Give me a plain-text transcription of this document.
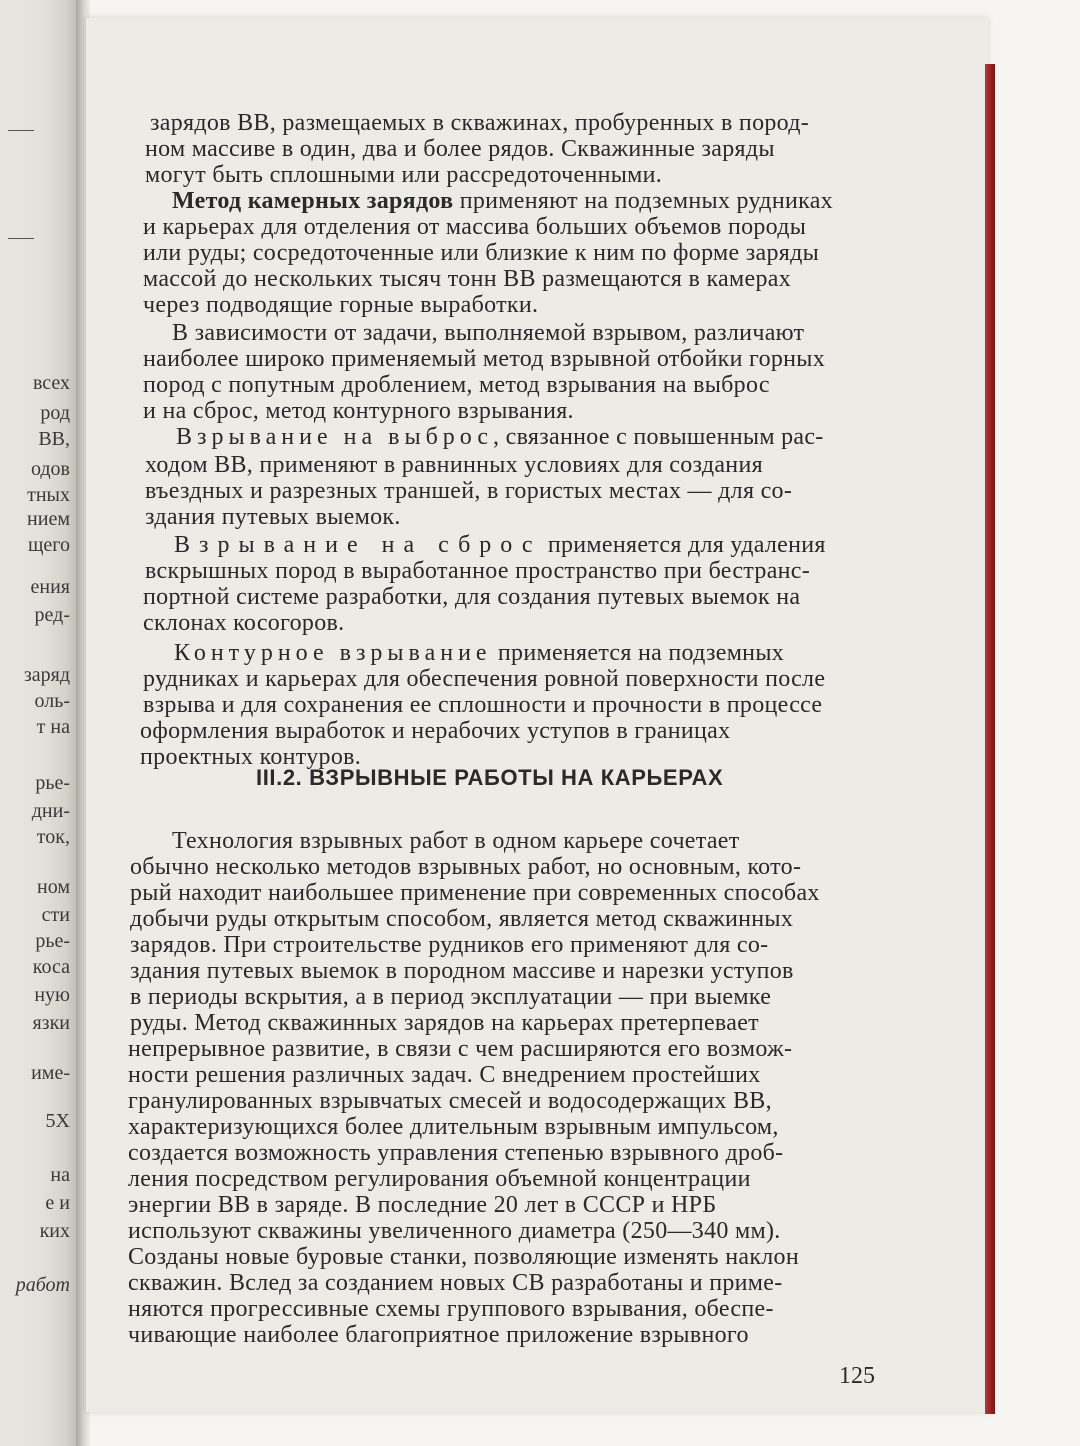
всех
род
ВВ,
одов
тных
нием
щего
ения
ред-
заряд
оль-
т на
рье-
дни-
ток,
ном
сти
рье-
коса
ную
язки
име-
5Х
на
е и
ких
работ
зарядов ВВ, размещаемых в скважинах, пробуренных в пород-
ном массиве в один, два и более рядов. Скважинные заряды
могут быть сплошными или рассредоточенными.
Метод камерных зарядов применяют на подземных рудниках
и карьерах для отделения от массива больших объемов породы
или руды; сосредоточенные или близкие к ним по форме заряды
массой до нескольких тысяч тонн ВВ размещаются в камерах
через подводящие горные выработки.
В зависимости от задачи, выполняемой взрывом, различают
наиболее широко применяемый метод взрывной отбойки горных
пород с попутным дроблением, метод взрывания на выброс
и на сброс, метод контурного взрывания.
Взрывание на выброс, связанное с повышенным рас-
ходом ВВ, применяют в равнинных условиях для создания
въездных и разрезных траншей, в гористых местах — для со-
здания путевых выемок.
Взрывание на сброс применяется для удаления
вскрышных пород в выработанное пространство при бестранс-
портной системе разработки, для создания путевых выемок на
склонах косогоров.
Контурное взрывание применяется на подземных
рудниках и карьерах для обеспечения ровной поверхности после
взрыва и для сохранения ее сплошности и прочности в процессе
оформления выработок и нерабочих уступов в границах
проектных контуров.
III.2. ВЗРЫВНЫЕ РАБОТЫ НА КАРЬЕРАХ
Технология взрывных работ в одном карьере сочетает
обычно несколько методов взрывных работ, но основным, кото-
рый находит наибольшее применение при современных способах
добычи руды открытым способом, является метод скважинных
зарядов. При строительстве рудников его применяют для со-
здания путевых выемок в породном массиве и нарезки уступов
в периоды вскрытия, а в период эксплуатации — при выемке
руды. Метод скважинных зарядов на карьерах претерпевает
непрерывное развитие, в связи с чем расширяются его возмож-
ности решения различных задач. С внедрением простейших
гранулированных взрывчатых смесей и водосодержащих ВВ,
характеризующихся более длительным взрывным импульсом,
создается возможность управления степенью взрывного дроб-
ления посредством регулирования объемной концентрации
энергии ВВ в заряде. В последние 20 лет в СССР и НРБ
используют скважины увеличенного диаметра (250—340 мм).
Созданы новые буровые станки, позволяющие изменять наклон
скважин. Вслед за созданием новых СВ разработаны и приме-
няются прогрессивные схемы группового взрывания, обеспе-
чивающие наиболее благоприятное приложение взрывного
125
